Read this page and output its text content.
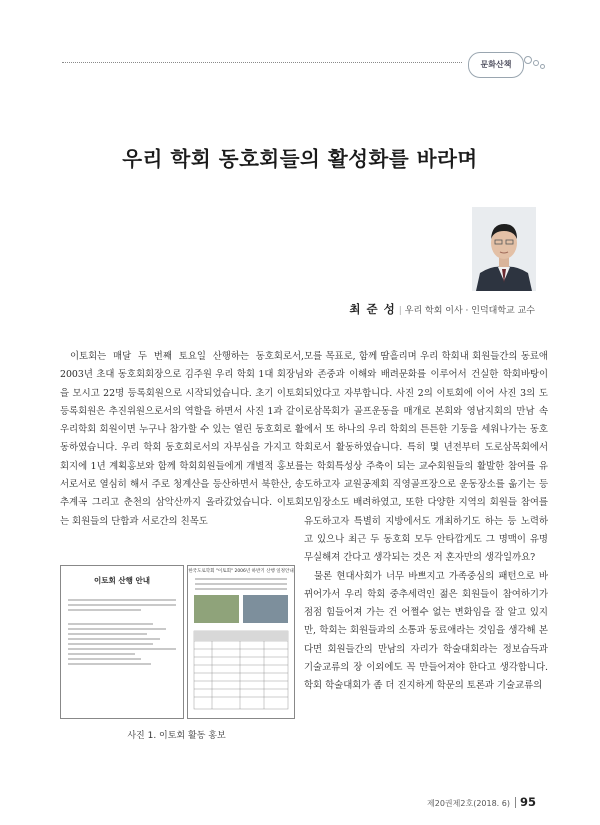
문화산책
우리 학회 동호회들의 활성화를 바라며
최 준 성 | 우리 학회 이사 · 인덕대학교 교수

이토회는 매달 두 번째 토요일 산행하는 동호회로서, 2003년 초대 동호회회장으로 김주원 우리 학회 1대 회장님을 모시고 22명 등록회원으로 시작되었습니다. 초기 이토회 등록회원은 추진위원으로서의 역할을 하면서 사진 1과 같이 우리학회 회원이면 누구나 참가할 수 있는 열린 동호회로 활동하였습니다. 우리 학회 동호회로서의 자부심을 가지고 학회지에 1년 계획홍보와 함께 학회회원들에게 개별적 홍보를 서로서로 열심히 해서 주로 청계산을 등산하면서 북한산, 송추계곡 그리고 춘천의 삼악산까지 올라갔었습니다. 이토회는 회원들의 단합과 서로간의 친목도

모를 목표로, 함께 땀흘리며 우리 학회내 회원들간의 동료애와 존중과 이해와 배려문화를 이루어서 건실한 학회바탕이 되었다고 자부합니다. 사진 2의 이토회에 이어 사진 3의 도로삼목회가 골프운동을 매개로 본회와 영남지회의 만남 속에서 또 하나의 우리 학회의 튼튼한 기둥을 세워나가는 동호회로서 활동하였습니다. 특히 몇 년전부터 도로삼목회에서는 학회특성상 주축이 되는 교수회원들의 활발한 참여를 유도하고자 교원공제회 직영골프장으로 운동장소를 옮기는 등 모임장소도 배려하였고, 또한 다양한 지역의 회원들 참여를 유도하고자 특별히 지방에서도 개최하기도 하는 등 노력하고 있으나 최근 두 동호회 모두 안타깝게도 그 명맥이 유명무실해져 간다고 생각되는 것은 저 혼자만의 생각일까요?

물론 현대사회가 너무 바쁘지고 가족중심의 패턴으로 바뀌어가서 우리 학회 중추세력인 젊은 회원들이 참여하기가 점점 힘들어져 가는 건 어쩔수 없는 변화임을 잘 알고 있지만, 학회는 회원들과의 소통과 동료애라는 것임을 생각해 본다면 회원들간의 만남의 자리가 학술대회라는 정보습득과 기술교류의 장 이외에도 꼭 만들어져야 한다고 생각합니다. 학회 학술대회가 좀 더 진지하게 학문의 토론과 기술교류의

이토회 산행 안내
한국도로학회 "이토회" 2006년 하반기 산행 일정안내
사진 1. 이토회 활동 홍보
제20권제2호(2018. 6) 95
